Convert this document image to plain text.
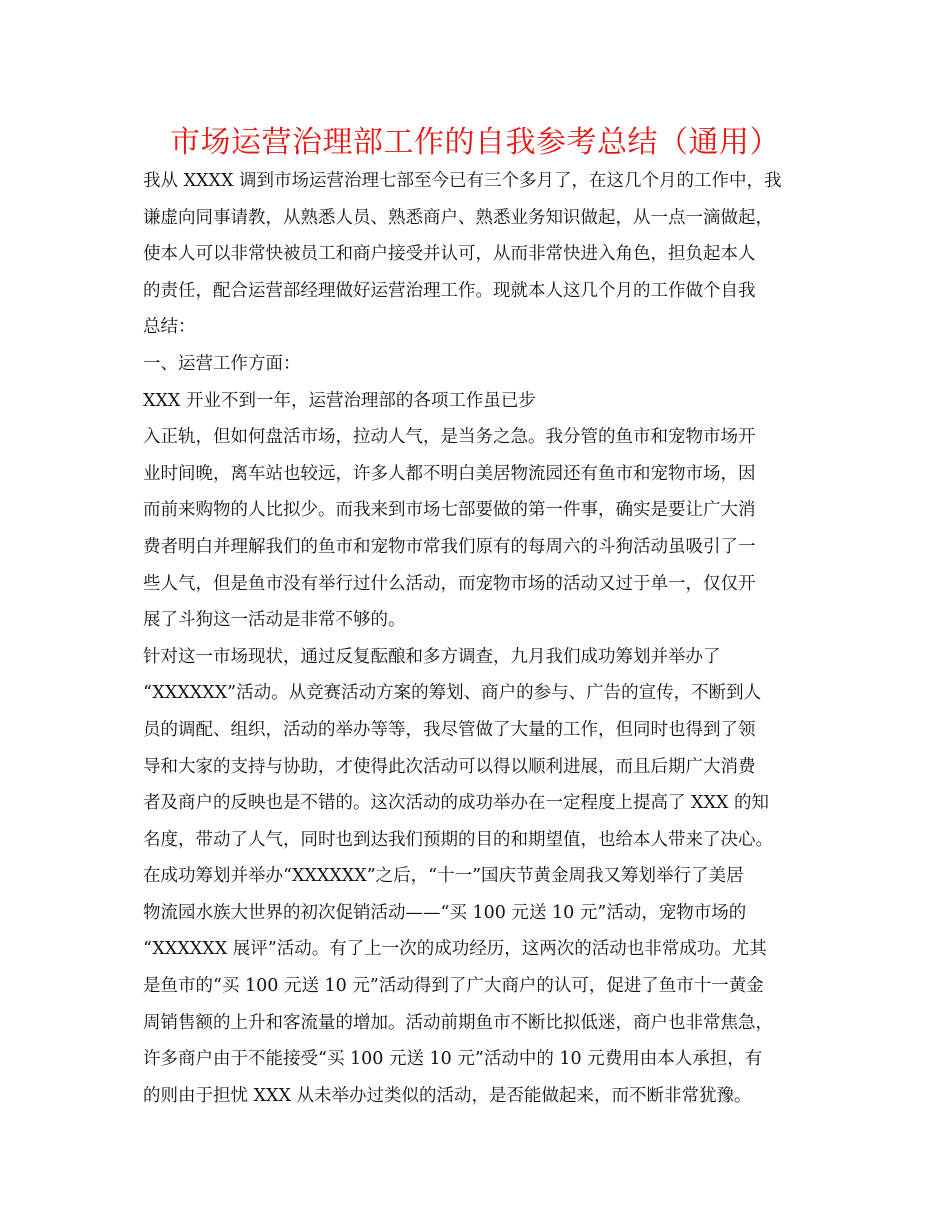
市场运营治理部工作的自我参考总结（通用）
我从 XXXX 调到市场运营治理七部至今已有三个多月了，在这几个月的工作中，我
谦虚向同事请教，从熟悉人员、熟悉商户、熟悉业务知识做起，从一点一滴做起，
使本人可以非常快被员工和商户接受并认可，从而非常快进入角色，担负起本人
的责任，配合运营部经理做好运营治理工作。现就本人这几个月的工作做个自我
总结：
一、运营工作方面：
XXX 开业不到一年，运营治理部的各项工作虽已步
入正轨，但如何盘活市场，拉动人气，是当务之急。我分管的鱼市和宠物市场开
业时间晚，离车站也较远，许多人都不明白美居物流园还有鱼市和宠物市场，因
而前来购物的人比拟少。而我来到市场七部要做的第一件事，确实是要让广大消
费者明白并理解我们的鱼市和宠物市常我们原有的每周六的斗狗活动虽吸引了一
些人气，但是鱼市没有举行过什么活动，而宠物市场的活动又过于单一，仅仅开
展了斗狗这一活动是非常不够的。
针对这一市场现状，通过反复酝酿和多方调查，九月我们成功筹划并举办了
“XXXXXX”活动。从竞赛活动方案的筹划、商户的参与、广告的宣传，不断到人
员的调配、组织，活动的举办等等，我尽管做了大量的工作，但同时也得到了领
导和大家的支持与协助，才使得此次活动可以得以顺利进展，而且后期广大消费
者及商户的反映也是不错的。这次活动的成功举办在一定程度上提高了 XXX 的知
名度，带动了人气，同时也到达我们预期的目的和期望值，也给本人带来了决心。
在成功筹划并举办“XXXXXX”之后，“十一”国庆节黄金周我又筹划举行了美居
物流园水族大世界的初次促销活动——“买 100 元送 10 元”活动，宠物市场的
“XXXXXX 展评”活动。有了上一次的成功经历，这两次的活动也非常成功。尤其
是鱼市的“买 100 元送 10 元”活动得到了广大商户的认可，促进了鱼市十一黄金
周销售额的上升和客流量的增加。活动前期鱼市不断比拟低迷，商户也非常焦急，
许多商户由于不能接受“买 100 元送 10 元”活动中的 10 元费用由本人承担，有
的则由于担忧 XXX 从未举办过类似的活动，是否能做起来，而不断非常犹豫。
